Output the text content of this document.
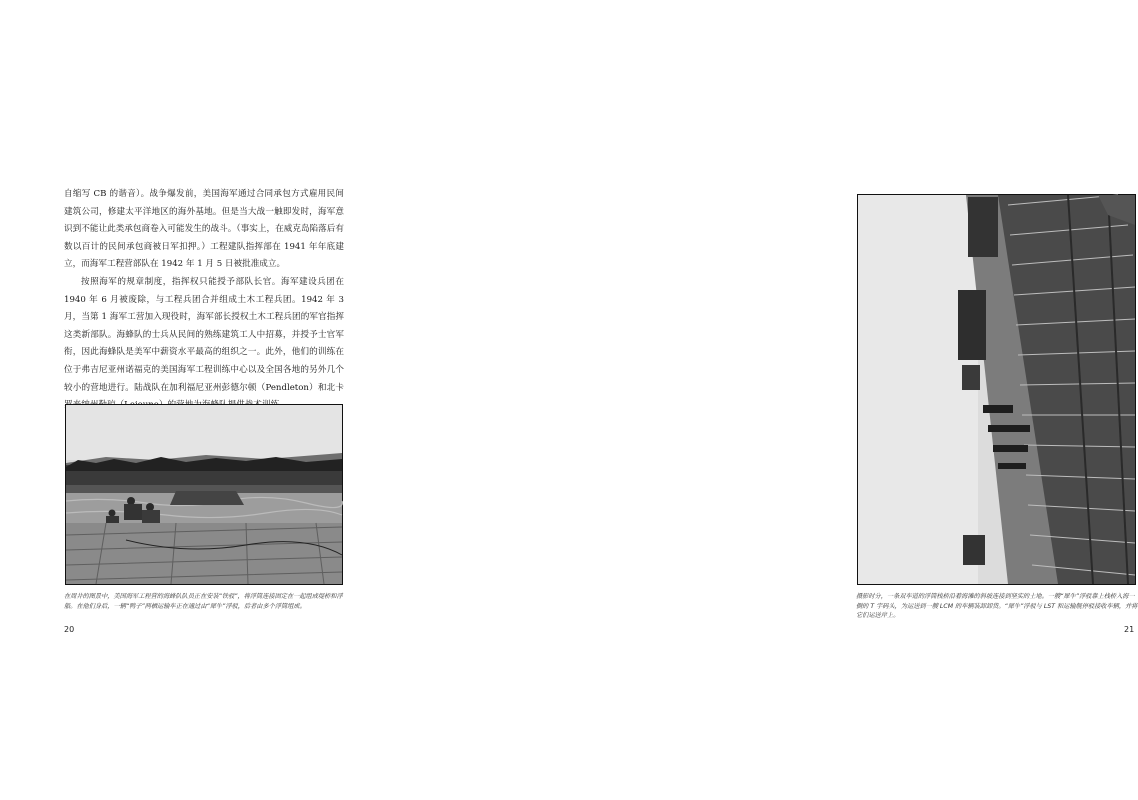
自缩写 CB 的谐音）。战争爆发前，美国海军通过合同承包方式雇用民间建筑公司，修建太平洋地区的海外基地。但是当大战一触即发时，海军意识到不能让此类承包商卷入可能发生的战斗。（事实上，在威克岛陷落后有数以百计的民间承包商被日军扣押。）工程建队指挥部在 1941 年年底建立，而海军工程营部队在 1942 年 1 月 5 日被批准成立。

按照海军的规章制度，指挥权只能授予部队长官。海军建设兵团在 1940 年 6 月被废除，与工程兵团合并组成土木工程兵团。1942 年 3 月，当第 1 海军工营加入现役时，海军部长授权土木工程兵团的军官指挥这类新部队。海蜂队的士兵从民间的熟练建筑工人中招募，并授予士官军衔，因此海蜂队是美军中薪资水平最高的组织之一。此外，他们的训练在位于弗吉尼亚州诺福克的美国海军工程训练中心以及全国各地的另外几个较小的营地进行。陆战队在加利福尼亚州彭德尔顿（Pendleton）和北卡

在周井的图景中，美国海军工程营的海蜂队队员正在安装“铁驳”，将浮筒连接固定在一起组成堤桥和浮船。在他们身后，一辆“鸭子”两栖运输车正在通过由“犀牛”浮驳，后者由多个浮筒组成。
20
摄影时分，一条双车道的浮筒栈桥沿着海滩的斜坡连接到坚实的土地。一艘“犀牛”浮驳靠上栈桥入海一侧的 T 字码头，为运送到一艘 LCM 的车辆装卸卸货。“犀牛”浮驳与 LST 和运输舰停驳接收车辆，并将它们运送岸上。
21
